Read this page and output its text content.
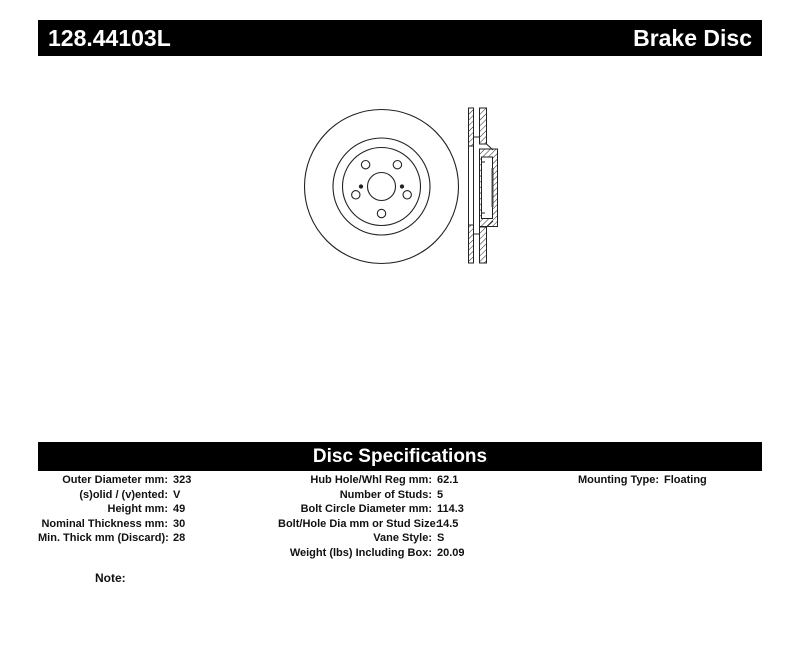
128.44103L	Brake Disc
Disc Specifications
Outer Diameter mm: 323
(s)olid / (v)ented: V
Height mm: 49
Nominal Thickness mm: 30
Min. Thick mm (Discard): 28
Hub Hole/Whl Reg mm: 62.1
Number of Studs: 5
Bolt Circle Diameter mm: 114.3
Bolt/Hole Dia mm or Stud Size:
14.5
Vane Style: S
Weight (lbs) Including Box: 20.09
Mounting Type: Floating
Note:
